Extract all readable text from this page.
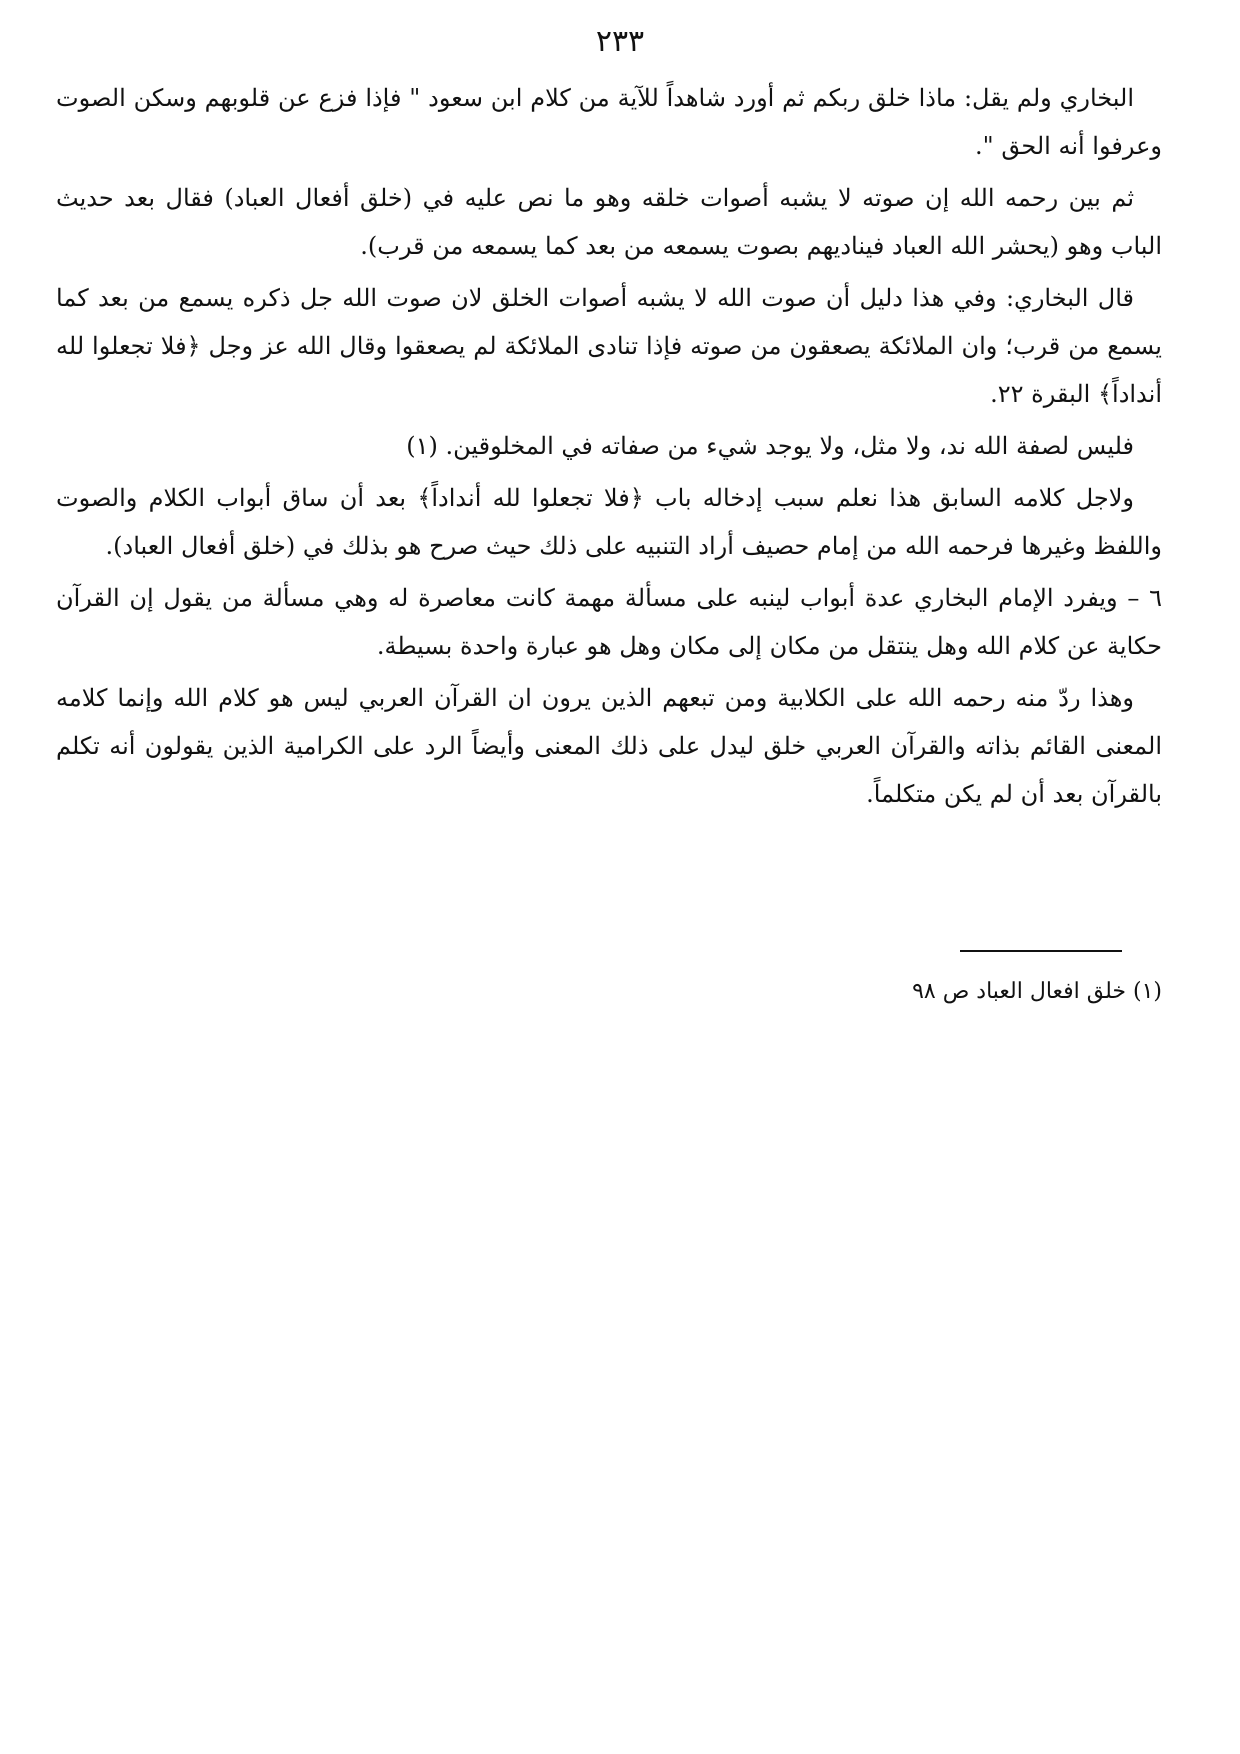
٢٣٣

البخاري ولم يقل: ماذا خلق ربكم ثم أورد شاهداً للآية من كلام ابن سعود " فإذا فزع عن قلوبهم وسكن الصوت وعرفوا أنه الحق ".

ثم بين رحمه الله إن صوته لا يشبه أصوات خلقه وهو ما نص عليه في (خلق أفعال العباد) فقال بعد حديث الباب وهو (يحشر الله العباد فيناديهم بصوت يسمعه من بعد كما يسمعه من قرب).

قال البخاري: وفي هذا دليل أن صوت الله لا يشبه أصوات الخلق لان صوت الله جل ذكره يسمع من بعد كما يسمع من قرب؛ وان الملائكة يصعقون من صوته فإذا تنادى الملائكة لم يصعقوا وقال الله عز وجل ﴿فلا تجعلوا لله أنداداً﴾ البقرة ٢٢.

فليس لصفة الله ند، ولا مثل، ولا يوجد شيء من صفاته في المخلوقين. (١)

ولاجل كلامه السابق هذا نعلم سبب إدخاله باب ﴿فلا تجعلوا لله أنداداً﴾ بعد أن ساق أبواب الكلام والصوت واللفظ وغيرها فرحمه الله من إمام حصيف أراد التنبيه على ذلك حيث صرح هو بذلك في (خلق أفعال العباد).

٦ – ويفرد الإمام البخاري عدة أبواب لينبه على مسألة مهمة كانت معاصرة له وهي مسألة من يقول إن القرآن حكاية عن كلام الله وهل ينتقل من مكان إلى مكان وهل هو عبارة واحدة بسيطة.

وهذا ردّ منه رحمه الله على الكلابية ومن تبعهم الذين يرون ان القرآن العربي ليس هو كلام الله وإنما كلامه المعنى القائم بذاته والقرآن العربي خلق ليدل على ذلك المعنى وأيضاً الرد على الكرامية الذين يقولون أنه تكلم بالقرآن بعد أن لم يكن متكلماً.

(١) خلق افعال العباد ص ٩٨
